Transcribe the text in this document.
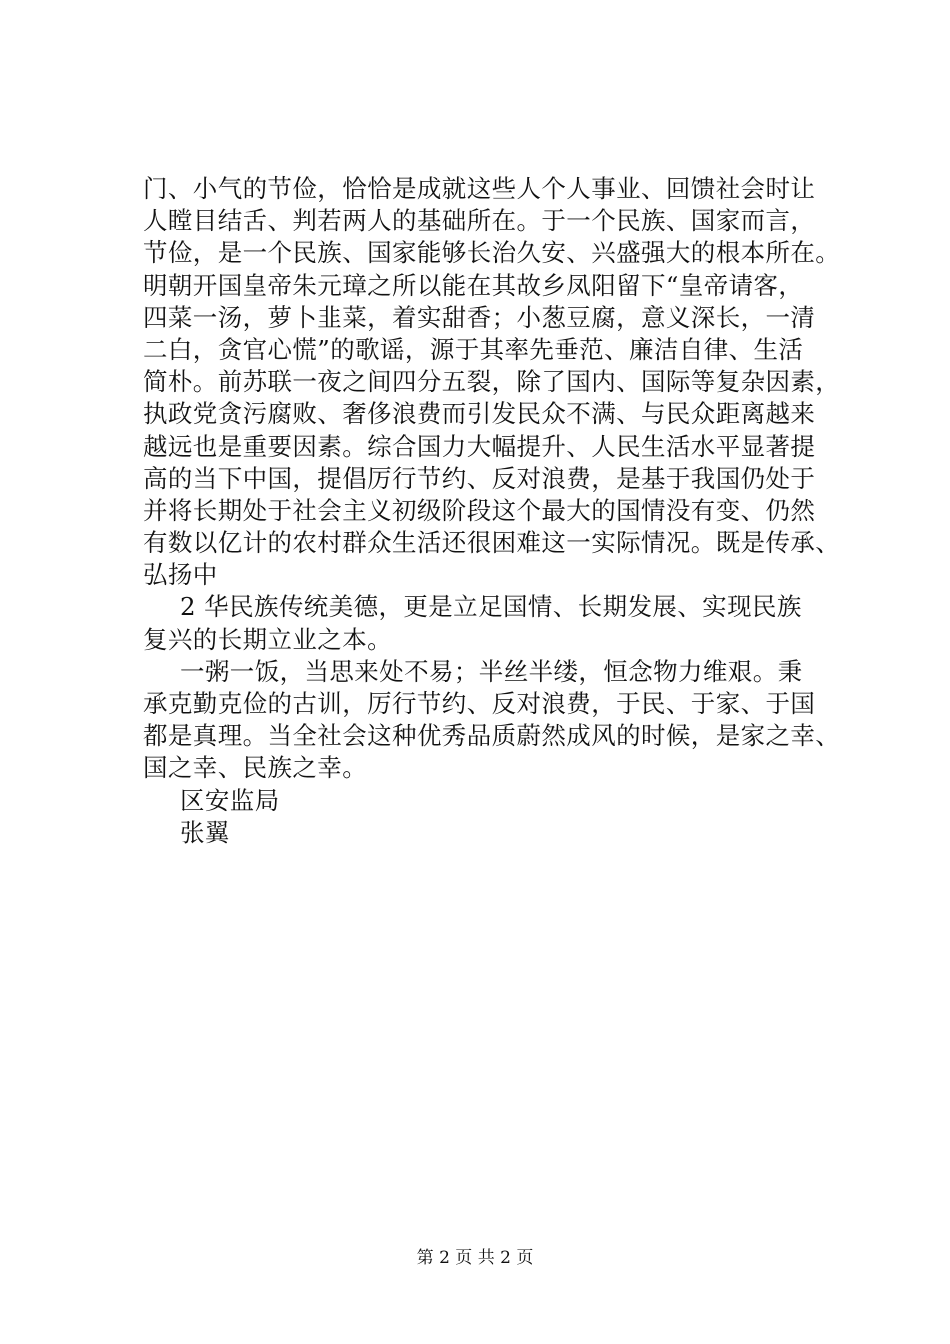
门、小气的节俭，恰恰是成就这些人个人事业、回馈社会时让
人瞠目结舌、判若两人的基础所在。于一个民族、国家而言，
节俭，是一个民族、国家能够长治久安、兴盛强大的根本所在。
明朝开国皇帝朱元璋之所以能在其故乡凤阳留下“皇帝请客，
四菜一汤，萝卜韭菜，着实甜香；小葱豆腐，意义深长，一清
二白，贪官心慌”的歌谣，源于其率先垂范、廉洁自律、生活
简朴。前苏联一夜之间四分五裂，除了国内、国际等复杂因素，
执政党贪污腐败、奢侈浪费而引发民众不满、与民众距离越来
越远也是重要因素。综合国力大幅提升、人民生活水平显著提
高的当下中国，提倡厉行节约、反对浪费，是基于我国仍处于
并将长期处于社会主义初级阶段这个最大的国情没有变、仍然
有数以亿计的农村群众生活还很困难这一实际情况。既是传承、
弘扬中
2 华民族传统美德，更是立足国情、长期发展、实现民族
复兴的长期立业之本。
一粥一饭，当思来处不易；半丝半缕，恒念物力维艰。秉
承克勤克俭的古训，厉行节约、反对浪费，于民、于家、于国
都是真理。当全社会这种优秀品质蔚然成风的时候，是家之幸、
国之幸、民族之幸。
区安监局
张翼
第 2 页 共 2 页
